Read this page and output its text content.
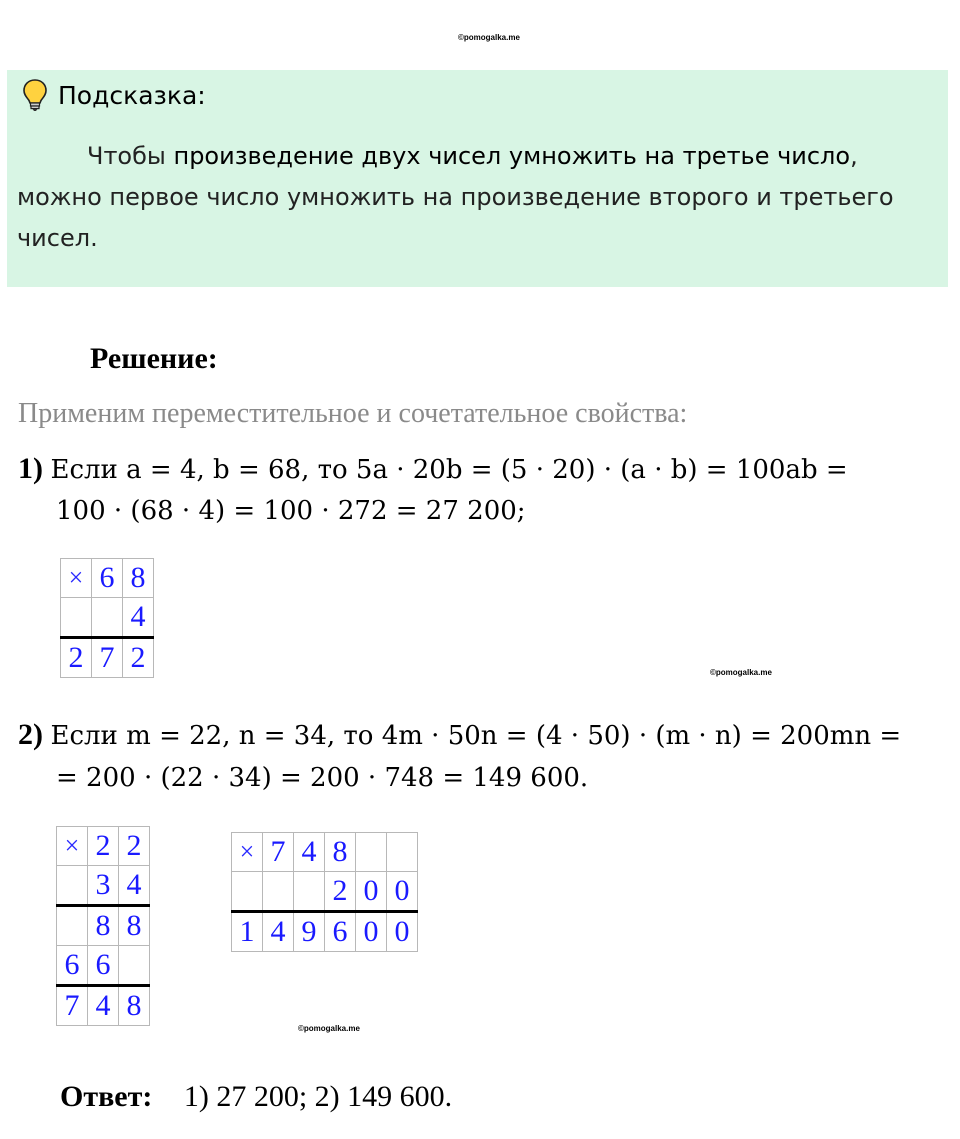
©pomogalka.me
Подсказка:
Чтобы произведение двух чисел умножить на третье число, можно первое число умножить на произведение второго и третьего чисел.
Решение:
Применим переместительное и сочетательное свойства:
1) Если a = 4, b = 68, то 5a · 20b = (5 · 20) · (a · b) = 100ab =
100 · (68 · 4) = 100 · 272 = 27 200;
×	6	8
		4
2	7	2	©pomogalka.me
2) Если m = 22, n = 34, то 4m · 50n = (4 · 50) · (m · n) = 200mn =
= 200 · (22 · 34) = 200 · 748 = 149 600.
×	2	2
	3	4
	8	8
6	6	
7	4	8
×	7	4	8		
			2	0	0
1	4	9	6	0	0
©pomogalka.me
Ответ: 1) 27 200; 2) 149 600.
